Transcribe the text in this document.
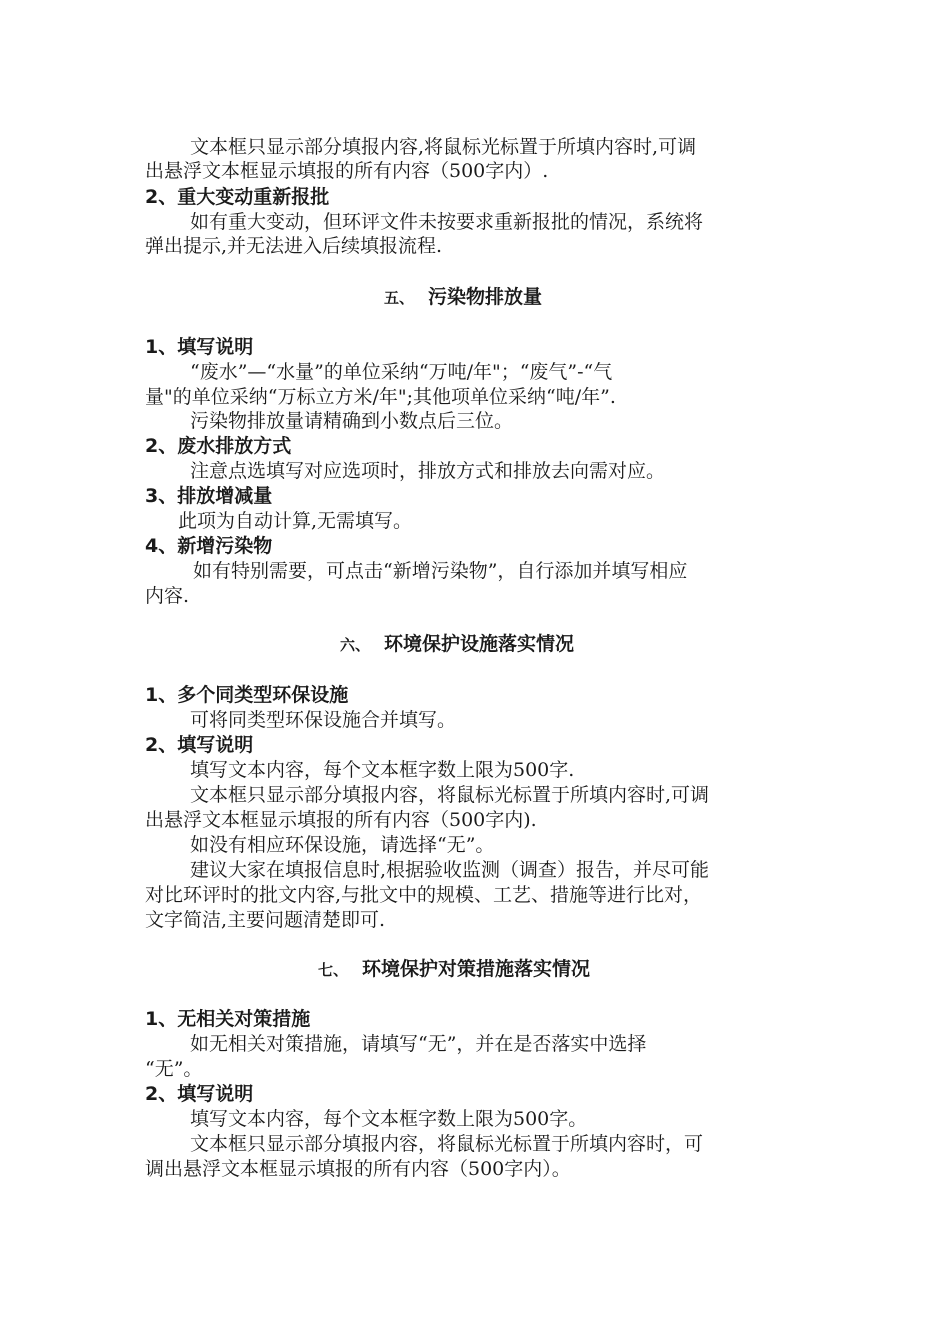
文本框只显示部分填报内容,将鼠标光标置于所填内容时,可调
出悬浮文本框显示填报的所有内容（500字内）.
2、重大变动重新报批
如有重大变动，但环评文件未按要求重新报批的情况，系统将
弹出提示,并无法进入后续填报流程.
五、 污染物排放量
1、填写说明
“废水”—“水量”的单位采纳“万吨/年"；“废气”-“气
量"的单位采纳“万标立方米/年";其他项单位采纳“吨/年”.
污染物排放量请精确到小数点后三位。
2、废水排放方式
注意点选填写对应选项时，排放方式和排放去向需对应。
3、排放增减量
此项为自动计算,无需填写。
4、新增污染物
如有特别需要，可点击“新增污染物”，自行添加并填写相应
内容.
六、 环境保护设施落实情况
1、多个同类型环保设施
可将同类型环保设施合并填写。
2、填写说明
填写文本内容，每个文本框字数上限为500字.
文本框只显示部分填报内容，将鼠标光标置于所填内容时,可调
出悬浮文本框显示填报的所有内容（500字内).
如没有相应环保设施，请选择“无”。
建议大家在填报信息时,根据验收监测（调查）报告，并尽可能
对比环评时的批文内容,与批文中的规模、工艺、措施等进行比对，
文字简洁,主要问题清楚即可.
七、 环境保护对策措施落实情况
1、无相关对策措施
如无相关对策措施，请填写“无”，并在是否落实中选择
“无”。
2、填写说明
填写文本内容，每个文本框字数上限为500字。
文本框只显示部分填报内容，将鼠标光标置于所填内容时，可
调出悬浮文本框显示填报的所有内容（500字内）。
